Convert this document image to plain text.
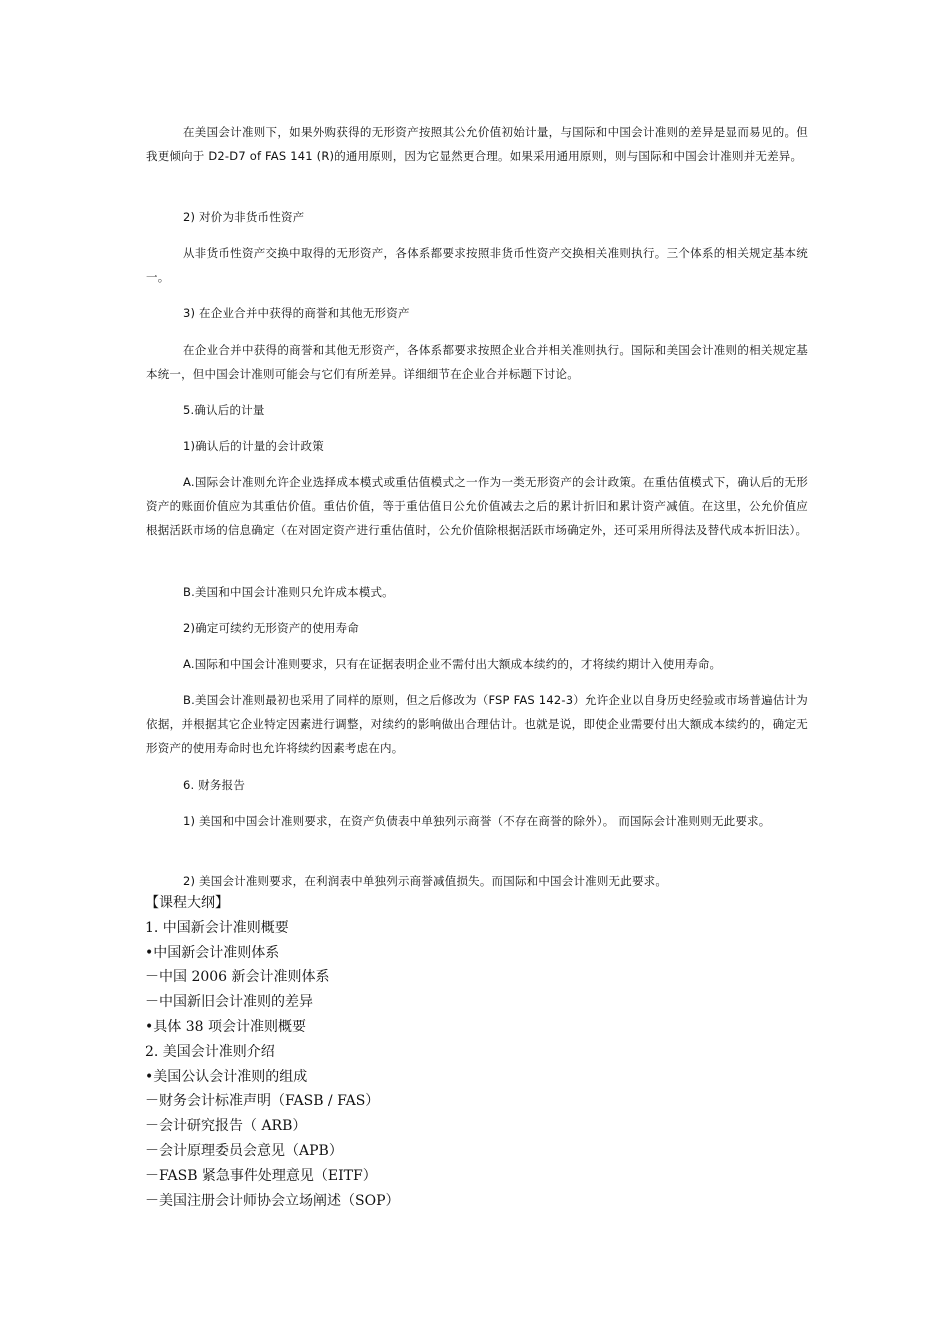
在美国会计准则下，如果外购获得的无形资产按照其公允价值初始计量，与国际和中国会计准则的差异是显而易见的。但我更倾向于 D2-D7 of FAS 141 (R)的通用原则，因为它显然更合理。如果采用通用原则，则与国际和中国会计准则并无差异。
2) 对价为非货币性资产
从非货币性资产交换中取得的无形资产，各体系都要求按照非货币性资产交换相关准则执行。三个体系的相关规定基本统一。
3) 在企业合并中获得的商誉和其他无形资产
在企业合并中获得的商誉和其他无形资产，各体系都要求按照企业合并相关准则执行。国际和美国会计准则的相关规定基本统一，但中国会计准则可能会与它们有所差异。详细细节在企业合并标题下讨论。
5.确认后的计量
1)确认后的计量的会计政策
A.国际会计准则允许企业选择成本模式或重估值模式之一作为一类无形资产的会计政策。在重估值模式下，确认后的无形资产的账面价值应为其重估价值。重估价值，等于重估值日公允价值减去之后的累计折旧和累计资产减值。在这里，公允价值应根据活跃市场的信息确定（在对固定资产进行重估值时，公允价值除根据活跃市场确定外，还可采用所得法及替代成本折旧法）。
B.美国和中国会计准则只允许成本模式。
2)确定可续约无形资产的使用寿命
A.国际和中国会计准则要求，只有在证据表明企业不需付出大额成本续约的，才将续约期计入使用寿命。
B.美国会计准则最初也采用了同样的原则，但之后修改为（FSP FAS 142-3）允许企业以自身历史经验或市场普遍估计为依据，并根据其它企业特定因素进行调整，对续约的影响做出合理估计。也就是说，即使企业需要付出大额成本续约的，确定无形资产的使用寿命时也允许将续约因素考虑在内。
6. 财务报告
1) 美国和中国会计准则要求，在资产负债表中单独列示商誉（不存在商誉的除外）。 而国际会计准则则无此要求。
2) 美国会计准则要求，在利润表中单独列示商誉减值损失。而国际和中国会计准则无此要求。
【课程大纲】
1. 中国新会计准则概要
•中国新会计准则体系
－中国 2006 新会计准则体系
－中国新旧会计准则的差异
•具体 38 项会计准则概要
2. 美国会计准则介绍
•美国公认会计准则的组成
－财务会计标准声明（FASB / FAS）
－会计研究报告（ ARB）
－会计原理委员会意见（APB）
－FASB 紧急事件处理意见（EITF）
－美国注册会计师协会立场阐述（SOP）
